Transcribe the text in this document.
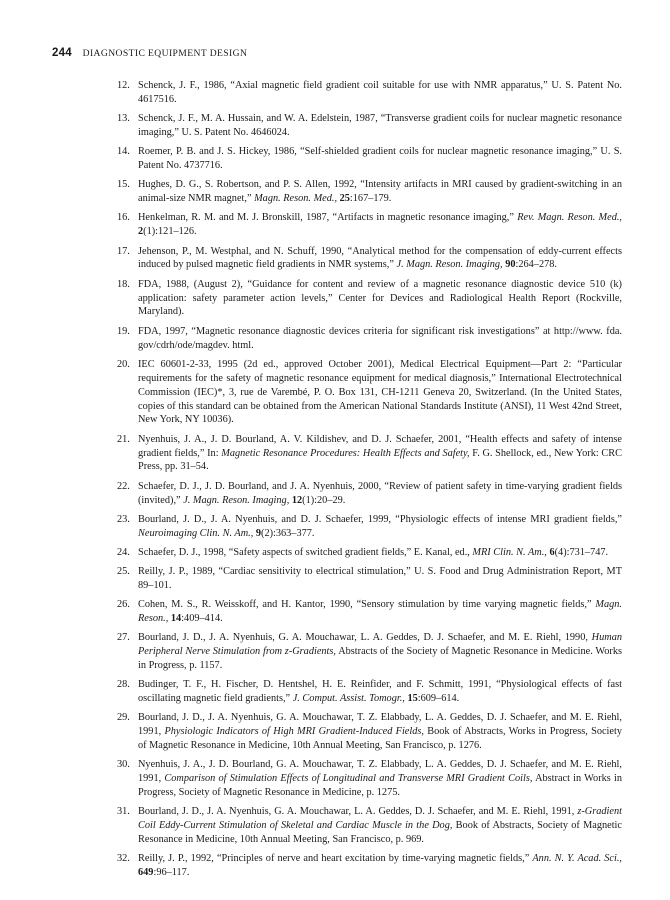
244 DIAGNOSTIC EQUIPMENT DESIGN
12. Schenck, J. F., 1986, “Axial magnetic field gradient coil suitable for use with NMR apparatus,” U. S. Patent No. 4617516.
13. Schenck, J. F., M. A. Hussain, and W. A. Edelstein, 1987, “Transverse gradient coils for nuclear magnetic resonance imaging,” U. S. Patent No. 4646024.
14. Roemer, P. B. and J. S. Hickey, 1986, “Self-shielded gradient coils for nuclear magnetic resonance imaging,” U. S. Patent No. 4737716.
15. Hughes, D. G., S. Robertson, and P. S. Allen, 1992, “Intensity artifacts in MRI caused by gradient-switching in an animal-size NMR magnet,” Magn. Reson. Med., 25:167–179.
16. Henkelman, R. M. and M. J. Bronskill, 1987, “Artifacts in magnetic resonance imaging,” Rev. Magn. Reson. Med., 2(1):121–126.
17. Jehenson, P., M. Westphal, and N. Schuff, 1990, “Analytical method for the compensation of eddy-current effects induced by pulsed magnetic field gradients in NMR systems,” J. Magn. Reson. Imaging, 90:264–278.
18. FDA, 1988, (August 2), “Guidance for content and review of a magnetic resonance diagnostic device 510 (k) application: safety parameter action levels,” Center for Devices and Radiological Health Report (Rockville, Maryland).
19. FDA, 1997, “Magnetic resonance diagnostic devices criteria for significant risk investigations” at http://www. fda. gov/cdrh/ode/magdev. html.
20. IEC 60601-2-33, 1995 (2d ed., approved October 2001), Medical Electrical Equipment—Part 2: “Particular requirements for the safety of magnetic resonance equipment for medical diagnosis,” International Electrotechnical Commission (IEC)*, 3, rue de Varembé, P. O. Box 131, CH-1211 Geneva 20, Switzerland. (In the United States, copies of this standard can be obtained from the American National Standards Institute (ANSI), 11 West 42nd Street, New York, NY 10036).
21. Nyenhuis, J. A., J. D. Bourland, A. V. Kildishev, and D. J. Schaefer, 2001, “Health effects and safety of intense gradient fields,” In: Magnetic Resonance Procedures: Health Effects and Safety, F. G. Shellock, ed., New York: CRC Press, pp. 31–54.
22. Schaefer, D. J., J. D. Bourland, and J. A. Nyenhuis, 2000, “Review of patient safety in time-varying gradient fields (invited),” J. Magn. Reson. Imaging, 12(1):20–29.
23. Bourland, J. D., J. A. Nyenhuis, and D. J. Schaefer, 1999, “Physiologic effects of intense MRI gradient fields,” Neuroimaging Clin. N. Am., 9(2):363–377.
24. Schaefer, D. J., 1998, “Safety aspects of switched gradient fields,” E. Kanal, ed., MRI Clin. N. Am., 6(4):731–747.
25. Reilly, J. P., 1989, “Cardiac sensitivity to electrical stimulation,” U. S. Food and Drug Administration Report, MT 89–101.
26. Cohen, M. S., R. Weisskoff, and H. Kantor, 1990, “Sensory stimulation by time varying magnetic fields,” Magn. Reson., 14:409–414.
27. Bourland, J. D., J. A. Nyenhuis, G. A. Mouchawar, L. A. Geddes, D. J. Schaefer, and M. E. Riehl, 1990, Human Peripheral Nerve Stimulation from z-Gradients, Abstracts of the Society of Magnetic Resonance in Medicine. Works in Progress, p. 1157.
28. Budinger, T. F., H. Fischer, D. Hentshel, H. E. Reinfider, and F. Schmitt, 1991, “Physiological effects of fast oscillating magnetic field gradients,” J. Comput. Assist. Tomogr., 15:609–614.
29. Bourland, J. D., J. A. Nyenhuis, G. A. Mouchawar, T. Z. Elabbady, L. A. Geddes, D. J. Schaefer, and M. E. Riehl, 1991, Physiologic Indicators of High MRI Gradient-Induced Fields, Book of Abstracts, Works in Progress, Society of Magnetic Resonance in Medicine, 10th Annual Meeting, San Francisco, p. 1276.
30. Nyenhuis, J. A., J. D. Bourland, G. A. Mouchawar, T. Z. Elabbady, L. A. Geddes, D. J. Schaefer, and M. E. Riehl, 1991, Comparison of Stimulation Effects of Longitudinal and Transverse MRI Gradient Coils, Abstract in Works in Progress, Society of Magnetic Resonance in Medicine, p. 1275.
31. Bourland, J. D., J. A. Nyenhuis, G. A. Mouchawar, L. A. Geddes, D. J. Schaefer, and M. E. Riehl, 1991, z-Gradient Coil Eddy-Current Stimulation of Skeletal and Cardiac Muscle in the Dog, Book of Abstracts, Society of Magnetic Resonance in Medicine, 10th Annual Meeting, San Francisco, p. 969.
32. Reilly, J. P., 1992, “Principles of nerve and heart excitation by time-varying magnetic fields,” Ann. N. Y. Acad. Sci., 649:96–117.
